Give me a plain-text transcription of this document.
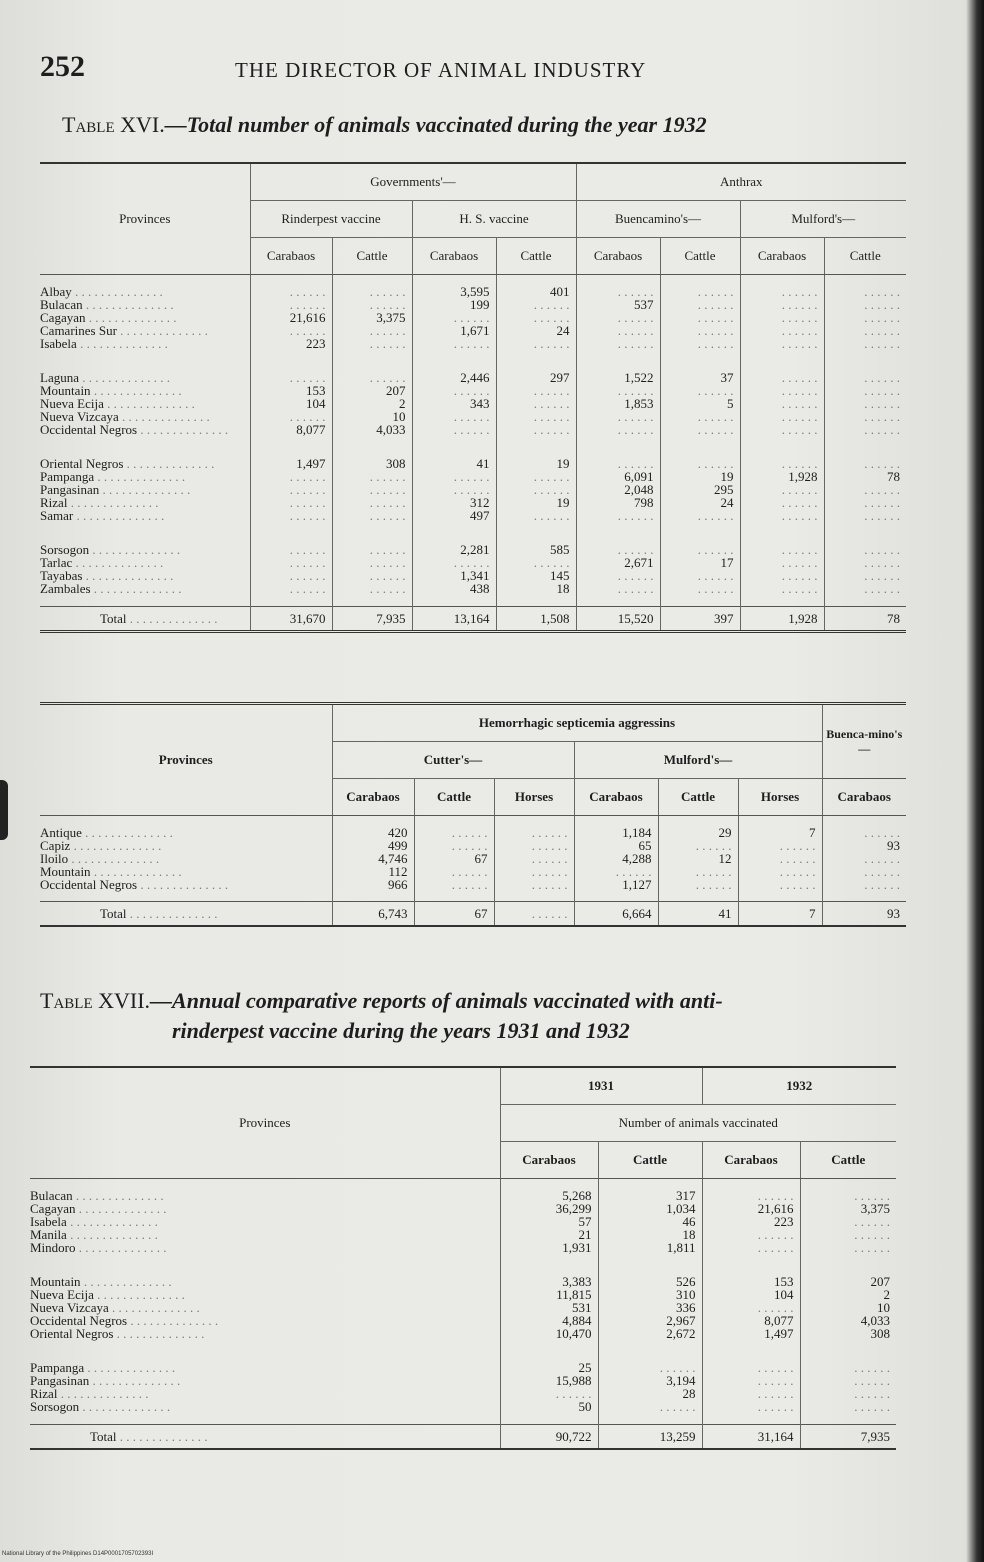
252	THE DIRECTOR OF ANIMAL INDUSTRY
Table XVI.—Total number of animals vaccinated during the year 1932
Provinces	Governments'—				Anthrax			
	Rinderpest vaccine		H. S. vaccine		Buencamino's—		Mulford's—	
	Carabaos	Cattle	Carabaos	Cattle	Carabaos	Cattle	Carabaos	Cattle
Albay . . . . . . . . . . . . . .	. . . . . .	. . . . . .	3,595	401	. . . . . .	. . . . . .	. . . . . .	. . . . . .
Bulacan . . . . . . . . . . . . . .	. . . . . .	. . . . . .	199	. . . . . .	537	. . . . . .	. . . . . .	. . . . . .
Cagayan . . . . . . . . . . . . . .	21,616	3,375	. . . . . .	. . . . . .	. . . . . .	. . . . . .	. . . . . .	. . . . . .
Camarines Sur . . . . . . . . . . . . . .	. . . . . .	. . . . . .	1,671	24	. . . . . .	. . . . . .	. . . . . .	. . . . . .
Isabela . . . . . . . . . . . . . .	223	. . . . . .	. . . . . .	. . . . . .	. . . . . .	. . . . . .	. . . . . .	. . . . . .
Laguna . . . . . . . . . . . . . .	. . . . . .	. . . . . .	2,446	297	1,522	37	. . . . . .	. . . . . .
Mountain . . . . . . . . . . . . . .	153	207	. . . . . .	. . . . . .	. . . . . .	. . . . . .	. . . . . .	. . . . . .
Nueva Ecija . . . . . . . . . . . . . .	104	2	343	. . . . . .	1,853	5	. . . . . .	. . . . . .
Nueva Vizcaya . . . . . . . . . . . . . .	. . . . . .	10	. . . . . .	. . . . . .	. . . . . .	. . . . . .	. . . . . .	. . . . . .
Occidental Negros . . . . . . . . . . . . . .	8,077	4,033	. . . . . .	. . . . . .	. . . . . .	. . . . . .	. . . . . .	. . . . . .
Oriental Negros . . . . . . . . . . . . . .	1,497	308	41	19	. . . . . .	. . . . . .	. . . . . .	. . . . . .
Pampanga . . . . . . . . . . . . . .	. . . . . .	. . . . . .	. . . . . .	. . . . . .	6,091	19	1,928	78
Pangasinan . . . . . . . . . . . . . .	. . . . . .	. . . . . .	. . . . . .	. . . . . .	2,048	295	. . . . . .	. . . . . .
Rizal . . . . . . . . . . . . . .	. . . . . .	. . . . . .	312	19	798	24	. . . . . .	. . . . . .
Samar . . . . . . . . . . . . . .	. . . . . .	. . . . . .	497	. . . . . .	. . . . . .	. . . . . .	. . . . . .	. . . . . .
Sorsogon . . . . . . . . . . . . . .	. . . . . .	. . . . . .	2,281	585	. . . . . .	. . . . . .	. . . . . .	. . . . . .
Tarlac . . . . . . . . . . . . . .	. . . . . .	. . . . . .	. . . . . .	. . . . . .	2,671	17	. . . . . .	. . . . . .
Tayabas . . . . . . . . . . . . . .	. . . . . .	. . . . . .	1,341	145	. . . . . .	. . . . . .	. . . . . .	. . . . . .
Zambales . . . . . . . . . . . . . .	. . . . . .	. . . . . .	438	18	. . . . . .	. . . . . .	. . . . . .	. . . . . .
Total . . . . . . . . . . . . . .	31,670	7,935	13,164	1,508	15,520	397	1,928	78
Provinces	Hemorrhagic septicemia aggressins						Buenca-mino's—
	Cutter's—			Mulford's—			
	Carabaos	Cattle	Horses	Carabaos	Cattle	Horses	Carabaos
Antique . . . . . . . . . . . . . .	420	. . . . . .	. . . . . .	1,184	29	7	. . . . . .
Capiz . . . . . . . . . . . . . .	499	. . . . . .	. . . . . .	65	. . . . . .	. . . . . .	93
Iloilo . . . . . . . . . . . . . .	4,746	67	. . . . . .	4,288	12	. . . . . .	. . . . . .
Mountain . . . . . . . . . . . . . .	112	. . . . . .	. . . . . .	. . . . . .	. . . . . .	. . . . . .	. . . . . .
Occidental Negros . . . . . . . . . . . . . .	966	. . . . . .	. . . . . .	1,127	. . . . . .	. . . . . .	. . . . . .
Total . . . . . . . . . . . . . .	6,743	67	. . . . . .	6,664	41	7	93
Table XVII.—Annual comparative reports of animals vaccinated with anti-
rinderpest vaccine during the years 1931 and 1932
Provinces	1931		1932	
	Number of animals vaccinated			
	Carabaos	Cattle	Carabaos	Cattle
Bulacan . . . . . . . . . . . . . .	5,268	317	. . . . . .	. . . . . .
Cagayan . . . . . . . . . . . . . .	36,299	1,034	21,616	3,375
Isabela . . . . . . . . . . . . . .	57	46	223	. . . . . .
Manila . . . . . . . . . . . . . .	21	18	. . . . . .	. . . . . .
Mindoro . . . . . . . . . . . . . .	1,931	1,811	. . . . . .	. . . . . .
Mountain . . . . . . . . . . . . . .	3,383	526	153	207
Nueva Ecija . . . . . . . . . . . . . .	11,815	310	104	2
Nueva Vizcaya . . . . . . . . . . . . . .	531	336	. . . . . .	10
Occidental Negros . . . . . . . . . . . . . .	4,884	2,967	8,077	4,033
Oriental Negros . . . . . . . . . . . . . .	10,470	2,672	1,497	308
Pampanga . . . . . . . . . . . . . .	25	. . . . . .	. . . . . .	. . . . . .
Pangasinan . . . . . . . . . . . . . .	15,988	3,194	. . . . . .	. . . . . .
Rizal . . . . . . . . . . . . . .	. . . . . .	28	. . . . . .	. . . . . .
Sorsogon . . . . . . . . . . . . . .	50	. . . . . .	. . . . . .	. . . . . .
Total . . . . . . . . . . . . . .	90,722	13,259	31,164	7,935
National Library of the Philippines D14P0001705702393I
